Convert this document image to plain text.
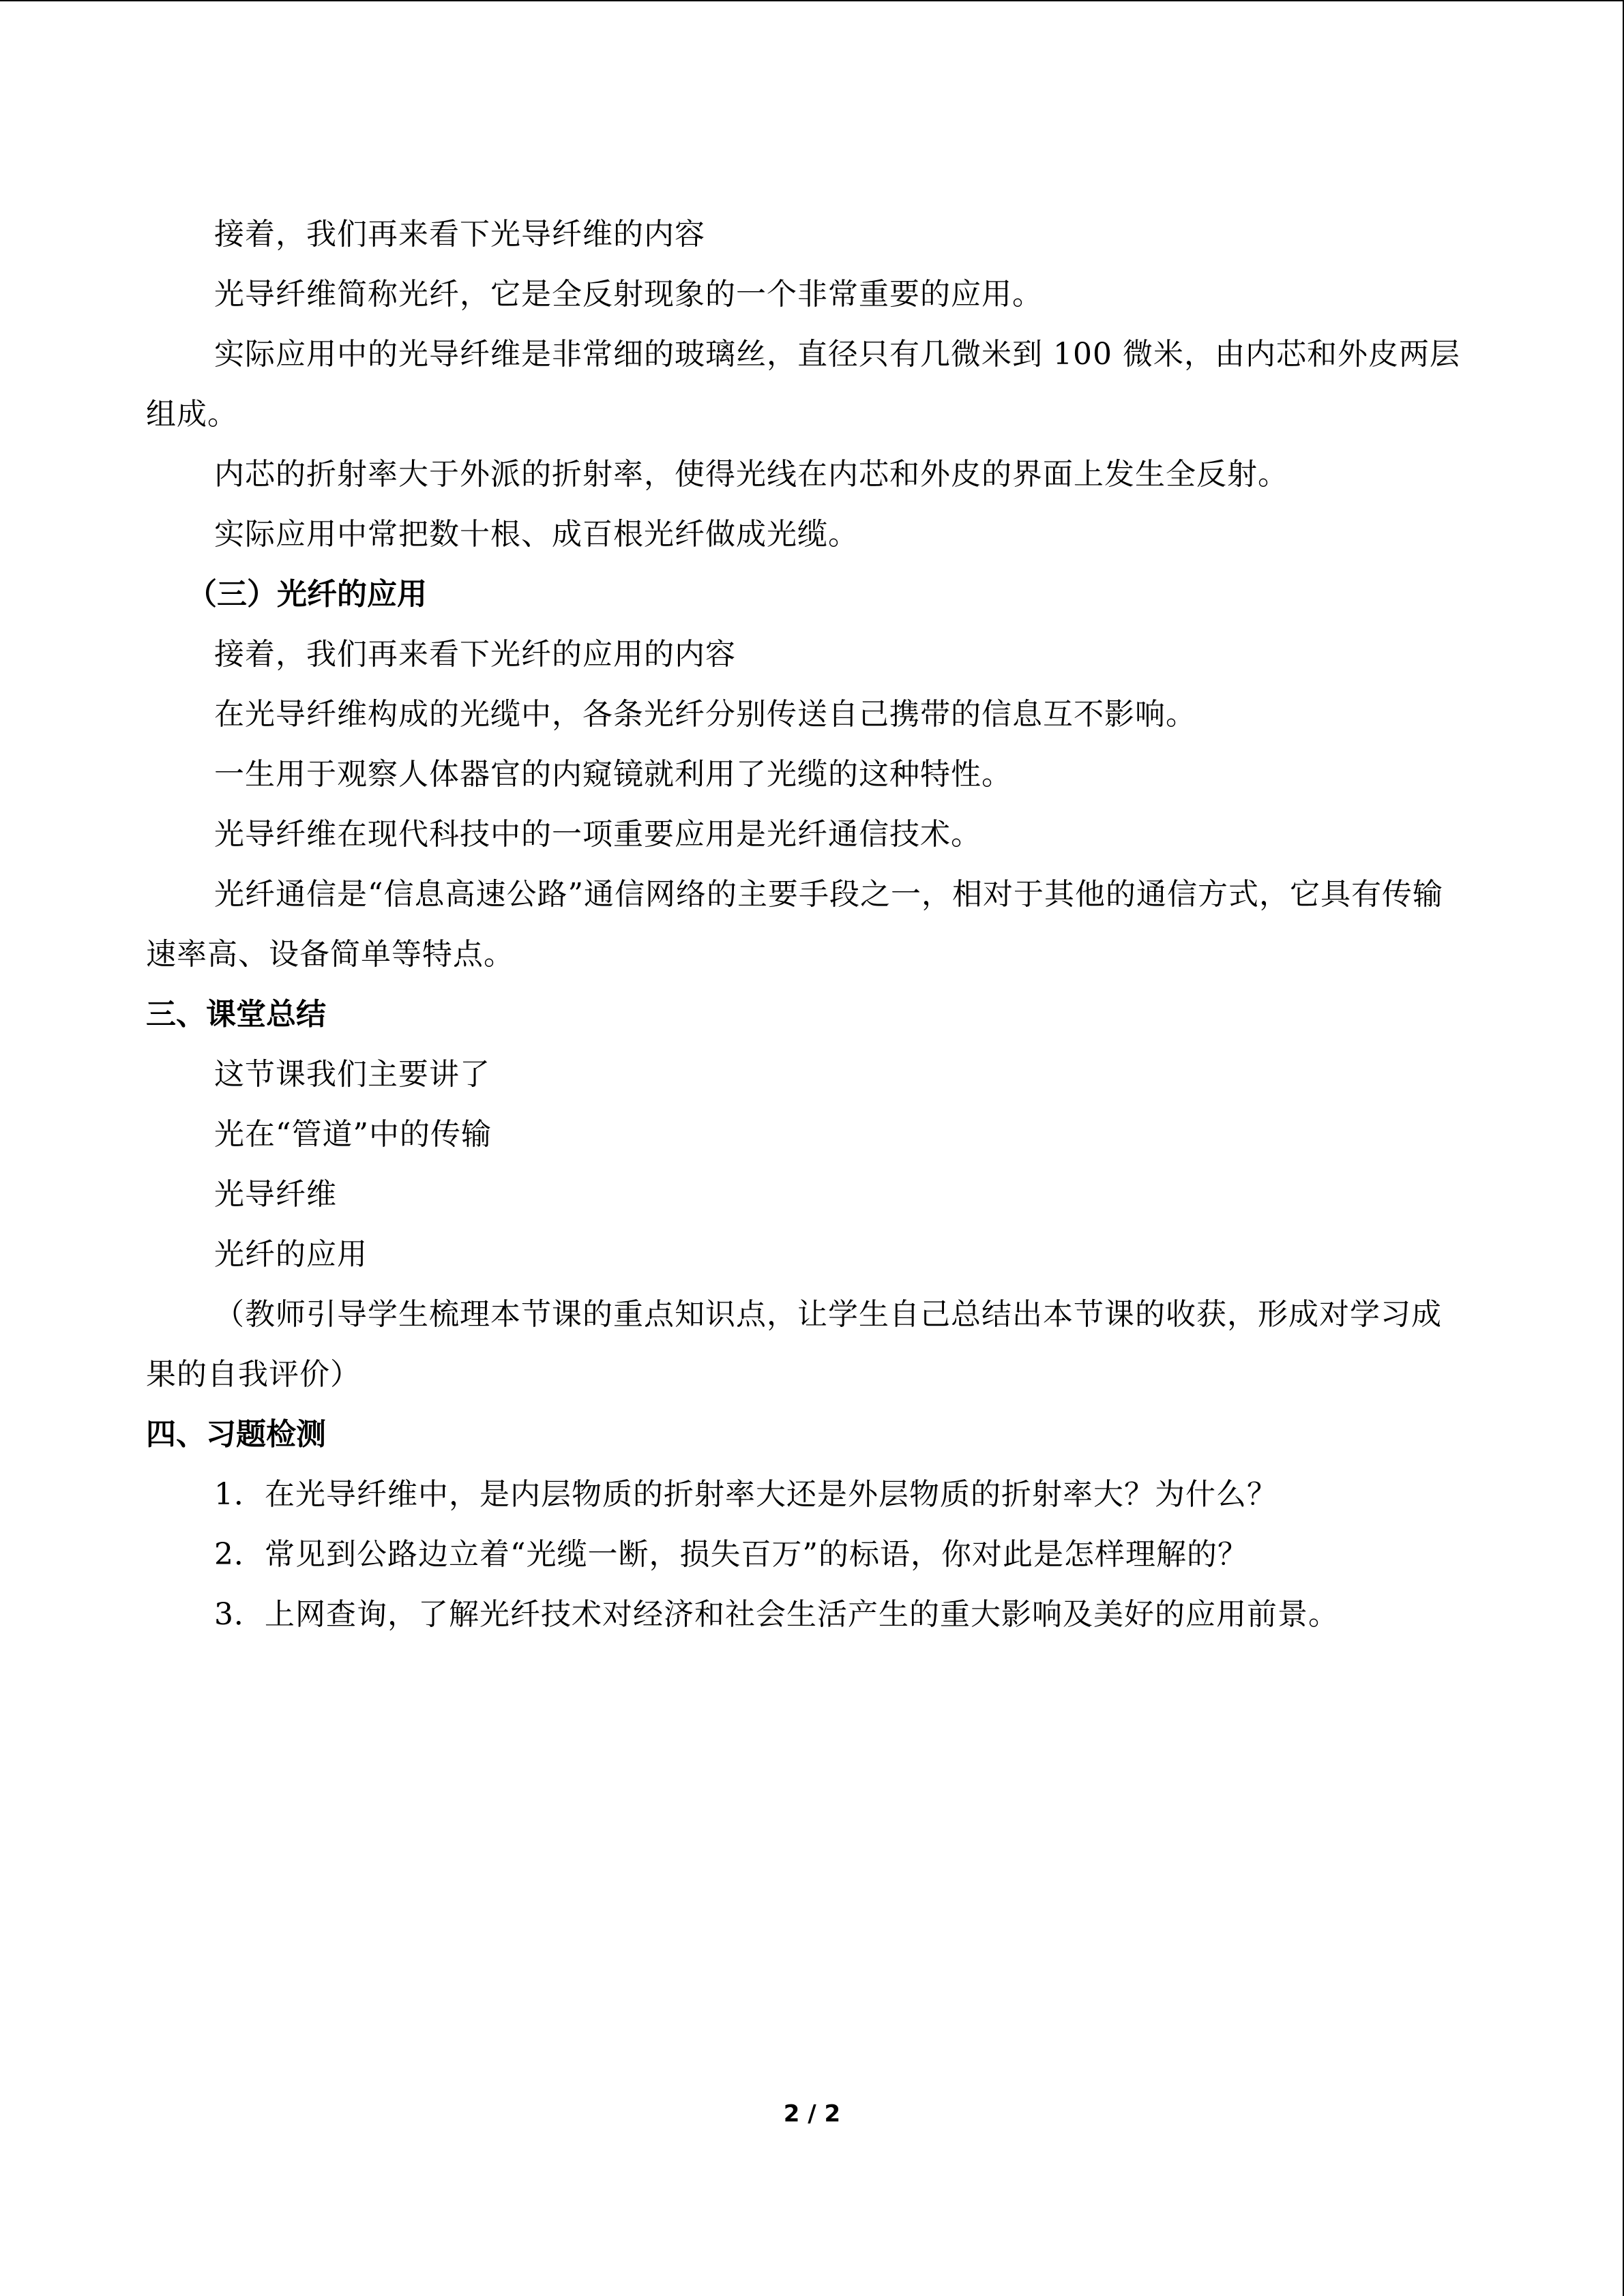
接着，我们再来看下光导纤维的内容

光导纤维简称光纤，它是全反射现象的一个非常重要的应用。

实际应用中的光导纤维是非常细的玻璃丝，直径只有几微米到 100 微米，由内芯和外皮两层组成。

内芯的折射率大于外派的折射率，使得光线在内芯和外皮的界面上发生全反射。

实际应用中常把数十根、成百根光纤做成光缆。

（三）光纤的应用

接着，我们再来看下光纤的应用的内容

在光导纤维构成的光缆中，各条光纤分别传送自己携带的信息互不影响。

一生用于观察人体器官的内窥镜就利用了光缆的这种特性。

光导纤维在现代科技中的一项重要应用是光纤通信技术。

光纤通信是“信息高速公路”通信网络的主要手段之一，相对于其他的通信方式，它具有传输速率高、设备简单等特点。

三、课堂总结

这节课我们主要讲了

光在“管道”中的传输

光导纤维

光纤的应用

（教师引导学生梳理本节课的重点知识点，让学生自己总结出本节课的收获，形成对学习成果的自我评价）

四、习题检测

1．在光导纤维中，是内层物质的折射率大还是外层物质的折射率大？为什么？

2．常见到公路边立着“光缆一断，损失百万”的标语，你对此是怎样理解的？

3．上网查询，了解光纤技术对经济和社会生活产生的重大影响及美好的应用前景。

2 / 2
